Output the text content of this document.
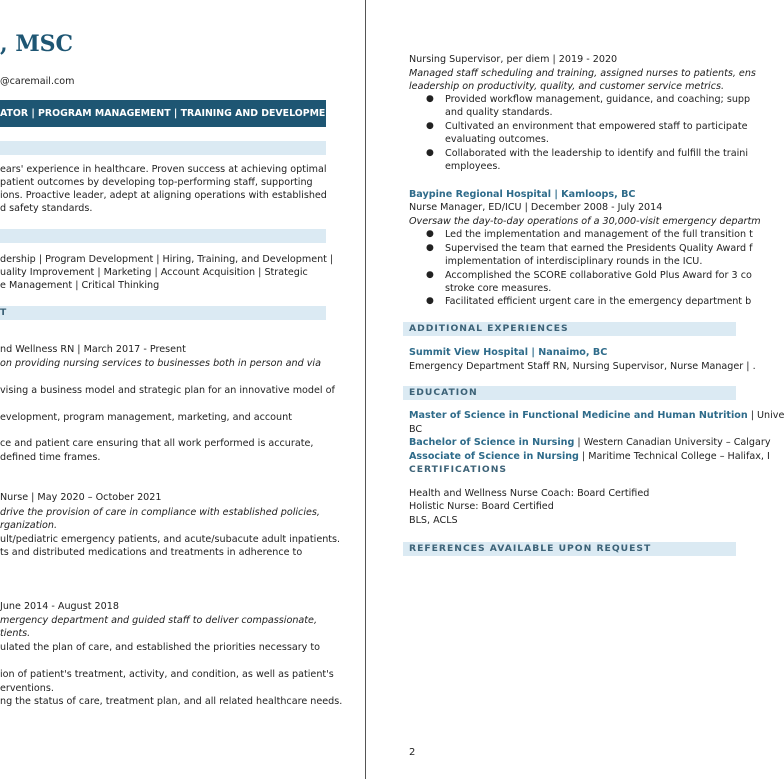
, MSC
@caremail.com
ATOR | PROGRAM MANAGEMENT | TRAINING AND DEVELOPMENT
ears' experience in healthcare. Proven success at achieving optimal
patient outcomes by developing top-performing staff, supporting
ions. Proactive leader, adept at aligning operations with established
d safety standards.
dership | Program Development | Hiring, Training, and Development |
uality Improvement | Marketing | Account Acquisition | Strategic
e Management | Critical Thinking
T
nd Wellness RN | March 2017 - Present
on providing nursing services to businesses both in person and via
vising a business model and strategic plan for an innovative model of
evelopment, program management, marketing, and account
ce and patient care ensuring that all work performed is accurate,
defined time frames.
Nurse | May 2020 – October 2021
drive the provision of care in compliance with established policies,
rganization.
ult/pediatric emergency patients, and acute/subacute adult inpatients.
ts and distributed medications and treatments in adherence to
June 2014 - August 2018
mergency department and guided staff to deliver compassionate,
tients.
ulated the plan of care, and established the priorities necessary to
ion of patient's treatment, activity, and condition, as well as patient's
erventions.
ng the status of care, treatment plan, and all related healthcare needs.
Nursing Supervisor, per diem | 2019 - 2020
Managed staff scheduling and training, assigned nurses to patients, ens
leadership on productivity, quality, and customer service metrics.
● Provided workflow management, guidance, and coaching; supp
and quality standards.
● Cultivated an environment that empowered staff to participate
evaluating outcomes.
● Collaborated with the leadership to identify and fulfill the traini
employees.
Baypine Regional Hospital | Kamloops, BC
Nurse Manager, ED/ICU | December 2008 - July 2014
Oversaw the day-to-day operations of a 30,000-visit emergency departm
● Led the implementation and management of the full transition t
● Supervised the team that earned the Presidents Quality Award f
implementation of interdisciplinary rounds in the ICU.
● Accomplished the SCORE collaborative Gold Plus Award for 3 co
stroke core measures.
● Facilitated efficient urgent care in the emergency department b
ADDITIONAL EXPERIENCES
Summit View Hospital | Nanaimo, BC
Emergency Department Staff RN, Nursing Supervisor, Nurse Manager | .
EDUCATION
Master of Science in Functional Medicine and Human Nutrition | Unive
BC
Bachelor of Science in Nursing | Western Canadian University – Calgary
Associate of Science in Nursing | Maritime Technical College – Halifax, I
CERTIFICATIONS
Health and Wellness Nurse Coach: Board Certified
Holistic Nurse: Board Certified
BLS, ACLS
REFERENCES AVAILABLE UPON REQUEST
2
